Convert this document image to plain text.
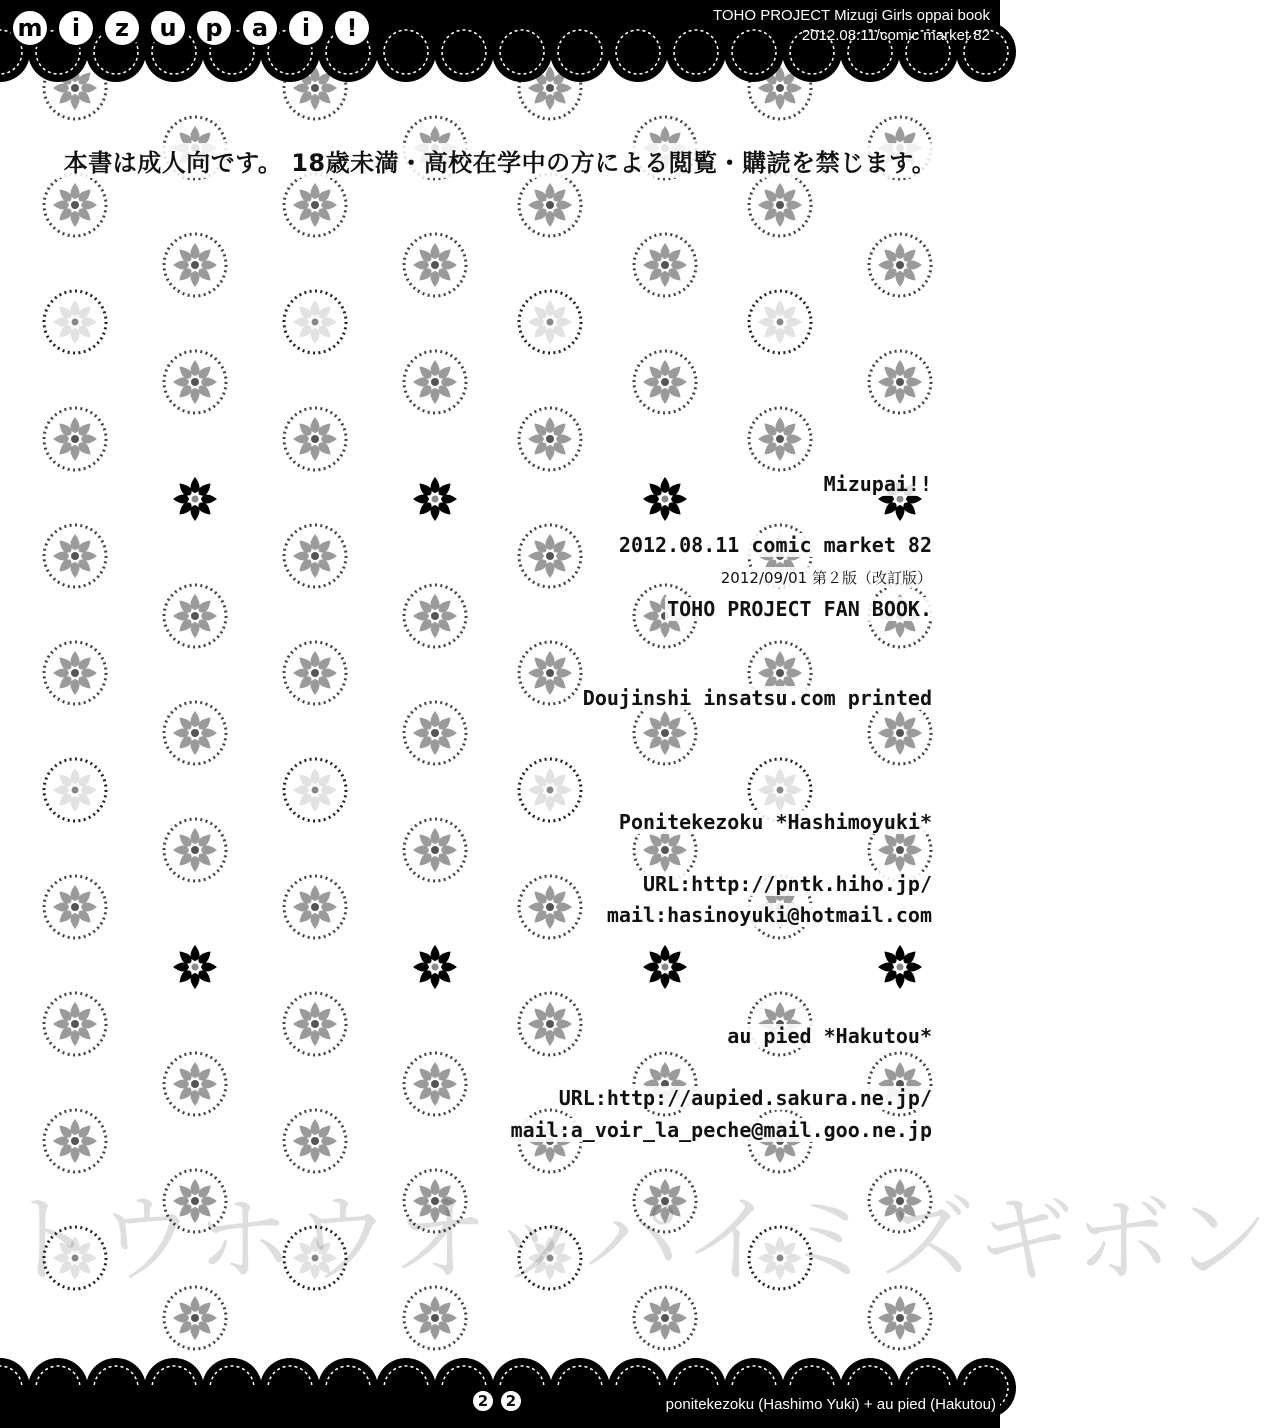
m	i	z	u	p	a	i	!	TOHO PROJECT Mizugi Girls oppai book
2012.08.11/comic market 82
本書は成人向です。 18歳未満・高校在学中の方による閲覧・購読を禁じます。
Mizupai!!
2012.08.11 comic market 82
2012/09/01 第２版（改訂版）
TOHO PROJECT FAN BOOK.
Doujinshi insatsu.com printed
Ponitekezoku *Hashimoyuki*
URL:http://pntk.hiho.jp/
mail:hasinoyuki@hotmail.com
au pied *Hakutou*
URL:http://aupied.sakura.ne.jp/
mail:a_voir_la_peche@mail.goo.ne.jp
トウホウオッパイミズギボン
2	2	ponitekezoku (Hashimo Yuki) + au pied (Hakutou)
